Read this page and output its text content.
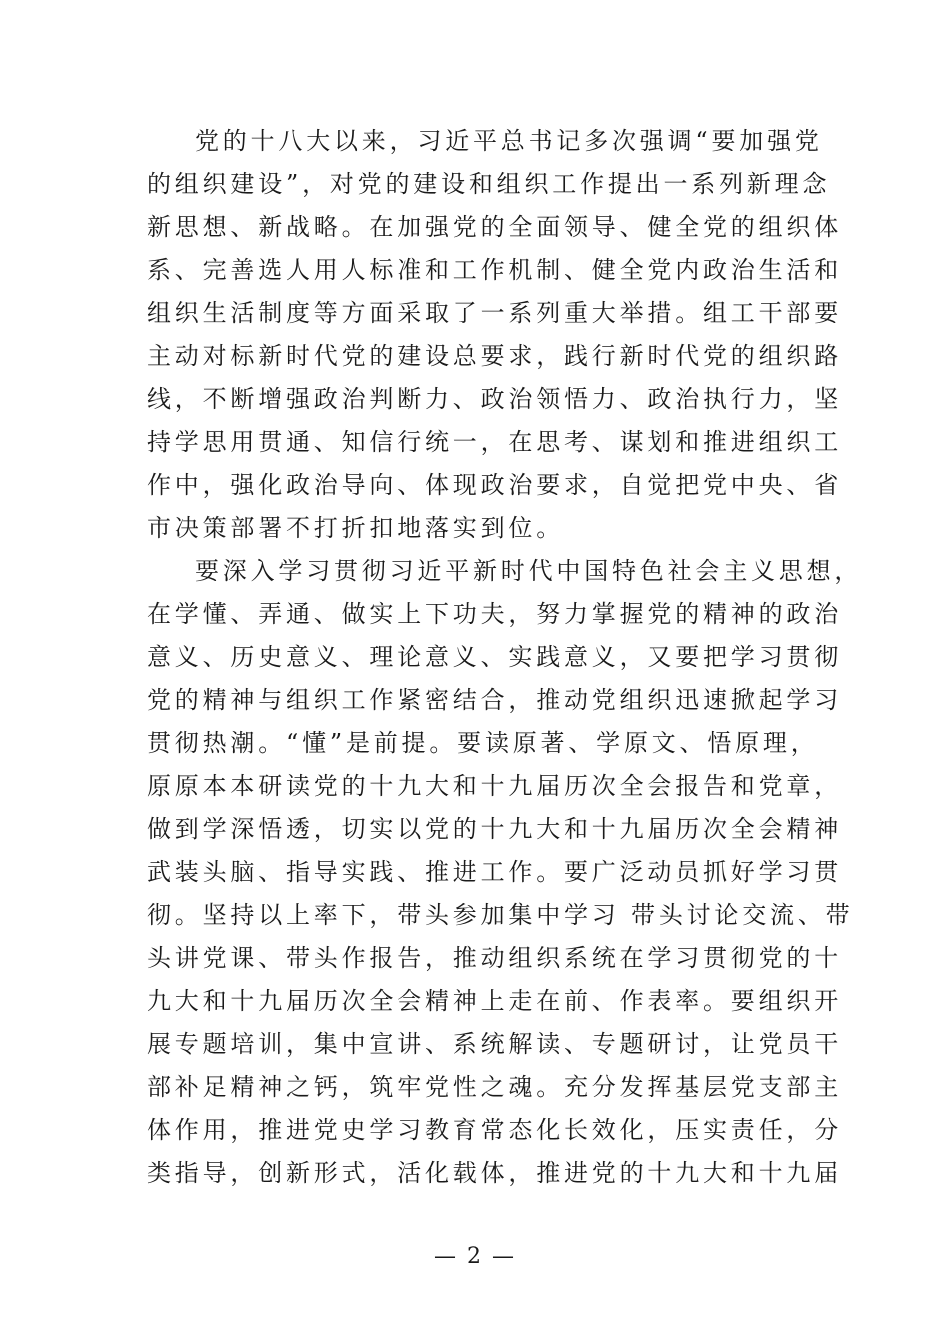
党的十八大以来，习近平总书记多次强调“要加强党
的组织建设”，对党的建设和组织工作提出一系列新理念
新思想、新战略。在加强党的全面领导、健全党的组织体
系、完善选人用人标准和工作机制、健全党内政治生活和
组织生活制度等方面采取了一系列重大举措。组工干部要
主动对标新时代党的建设总要求，践行新时代党的组织路
线，不断增强政治判断力、政治领悟力、政治执行力，坚
持学思用贯通、知信行统一，在思考、谋划和推进组织工
作中，强化政治导向、体现政治要求，自觉把党中央、省
市决策部署不打折扣地落实到位。
要深入学习贯彻习近平新时代中国特色社会主义思想，
在学懂、弄通、做实上下功夫，努力掌握党的精神的政治
意义、历史意义、理论意义、实践意义，又要把学习贯彻
党的精神与组织工作紧密结合，推动党组织迅速掀起学习
贯彻热潮。“懂”是前提。要读原著、学原文、悟原理，
原原本本研读党的十九大和十九届历次全会报告和党章，
做到学深悟透，切实以党的十九大和十九届历次全会精神
武装头脑、指导实践、推进工作。要广泛动员抓好学习贯
彻。坚持以上率下，带头参加集中学习 带头讨论交流、带
头讲党课、带头作报告，推动组织系统在学习贯彻党的十
九大和十九届历次全会精神上走在前、作表率。要组织开
展专题培训，集中宣讲、系统解读、专题研讨，让党员干
部补足精神之钙，筑牢党性之魂。充分发挥基层党支部主
体作用，推进党史学习教育常态化长效化，压实责任，分
类指导，创新形式，活化载体，推进党的十九大和十九届
— 2 —
